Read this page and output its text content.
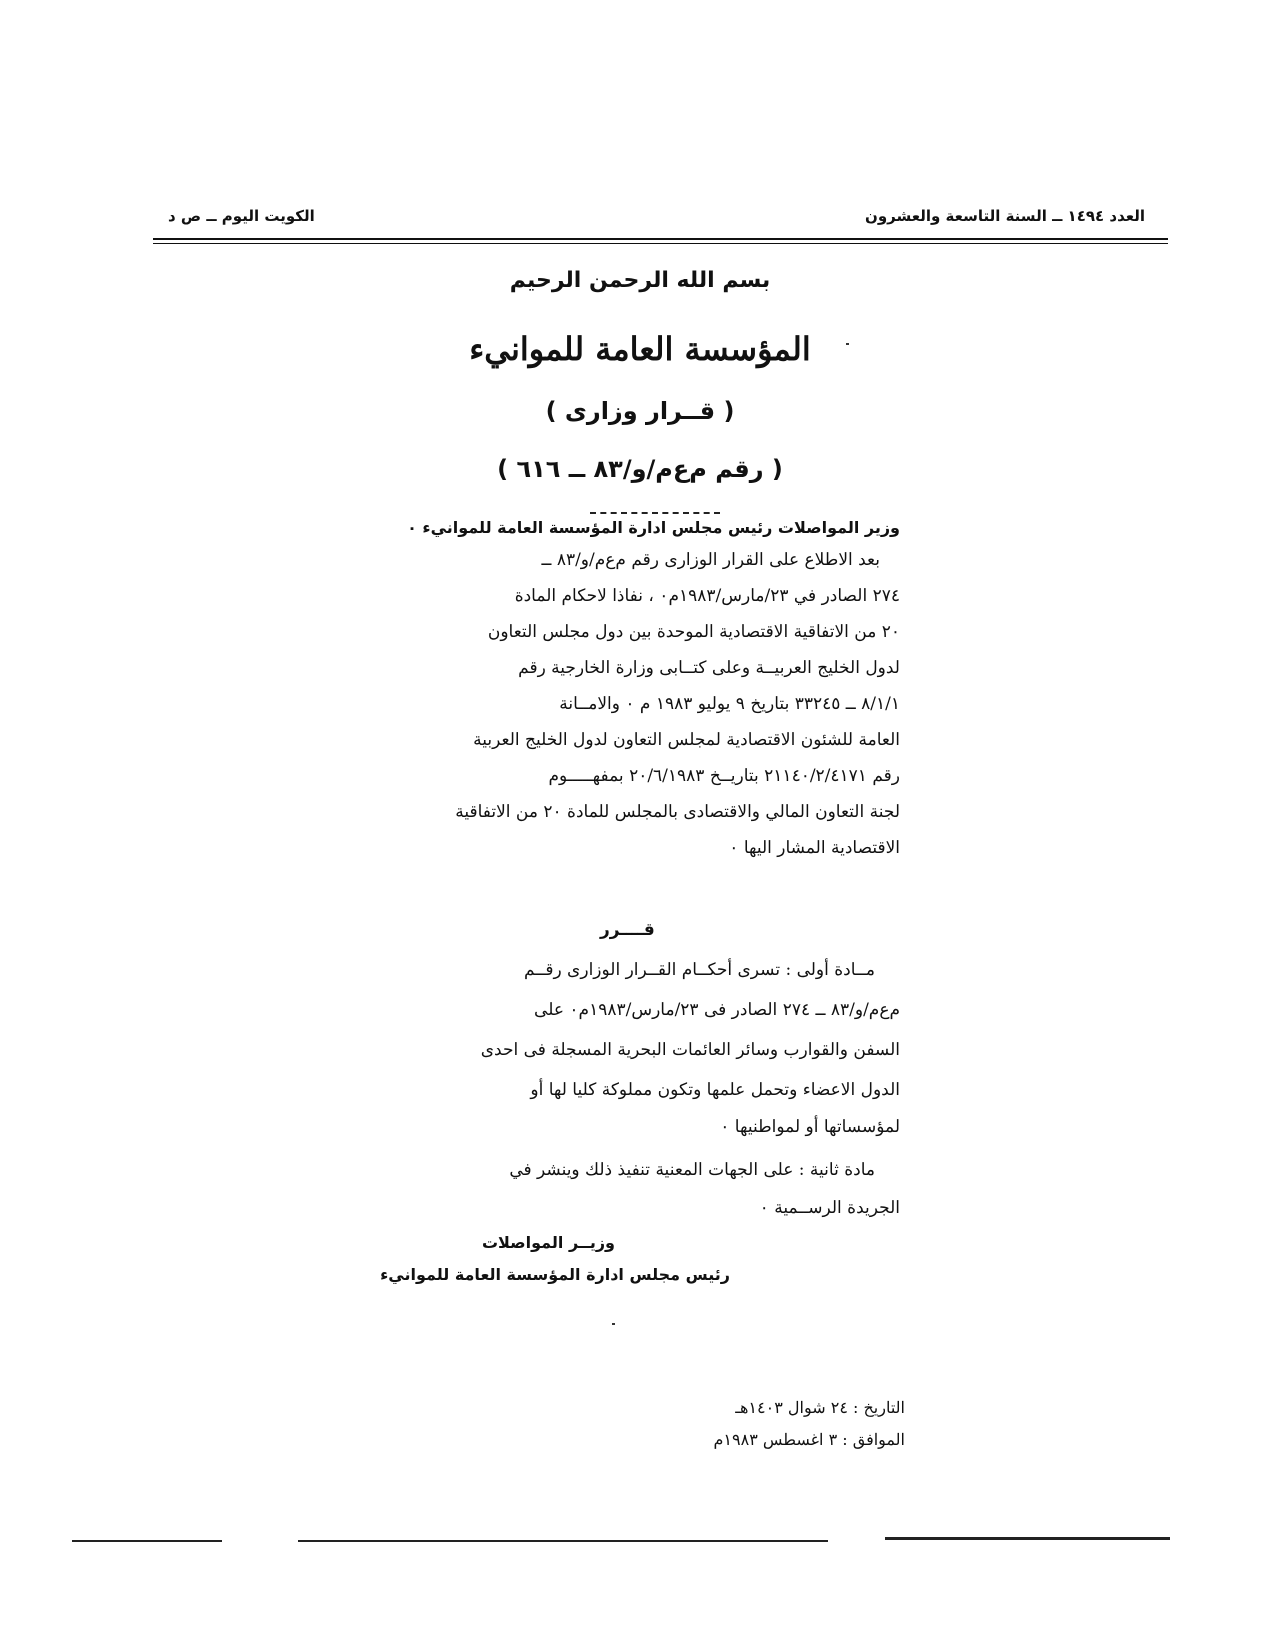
العدد ١٤٩٤ ــ السنة التاسعة والعشرون
الكويت اليوم ــ ص د
بسم الله الرحمن الرحيم
المؤسسة العامة للموانيء
( قــرار وزارى )
( رقم م‌ع‌م/و/٨٣ ــ ٦١٦ )
وزير المواصلات رئيس مجلس ادارة المؤسسة العامة للموانيء ٠
بعد الاطلاع على القرار الوزارى رقم م‌ع‌م/و/٨٣ ــ
٢٧٤ الصادر في ٢٣/مارس/١٩٨٣م٠ ، نفاذا لاحكام المادة
٢٠ من الاتفاقية الاقتصادية الموحدة بين دول مجلس التعاون
لدول الخليج العربيــة وعلى كتــابى وزارة الخارجية رقم
٨/١/١ ــ ٣٣٢٤٥ بتاريخ ٩ يوليو ١٩٨٣ م ٠ والامــانة
العامة للشئون الاقتصادية لمجلس التعاون لدول الخليج العربية
رقم ٢١١٤٠/٢/٤١٧١ بتاريــخ ٢٠/٦/١٩٨٣ بمفهـــــوم
لجنة التعاون المالي والاقتصادى بالمجلس للمادة ٢٠ من الاتفاقية
الاقتصادية المشار اليها ٠
قــــرر
مــادة أولى : تسرى أحكــام القــرار الوزارى رقــم
م‌ع‌م/و/٨٣ ــ ٢٧٤ الصادر فى ٢٣/مارس/١٩٨٣م٠ على
السفن والقوارب وسائر العائمات البحرية المسجلة فى احدى
الدول الاعضاء وتحمل علمها وتكون مملوكة كليا لها أو
لمؤسساتها أو لمواطنيها ٠
مادة ثانية : على الجهات المعنية تنفيذ ذلك وينشر في
الجريدة الرســمية ٠
وزيــر المواصلات
رئيس مجلس ادارة المؤسسة العامة للموانيء
التاريخ : ٢٤ شوال ١٤٠٣هـ
الموافق : ٣ اغسطس ١٩٨٣م
